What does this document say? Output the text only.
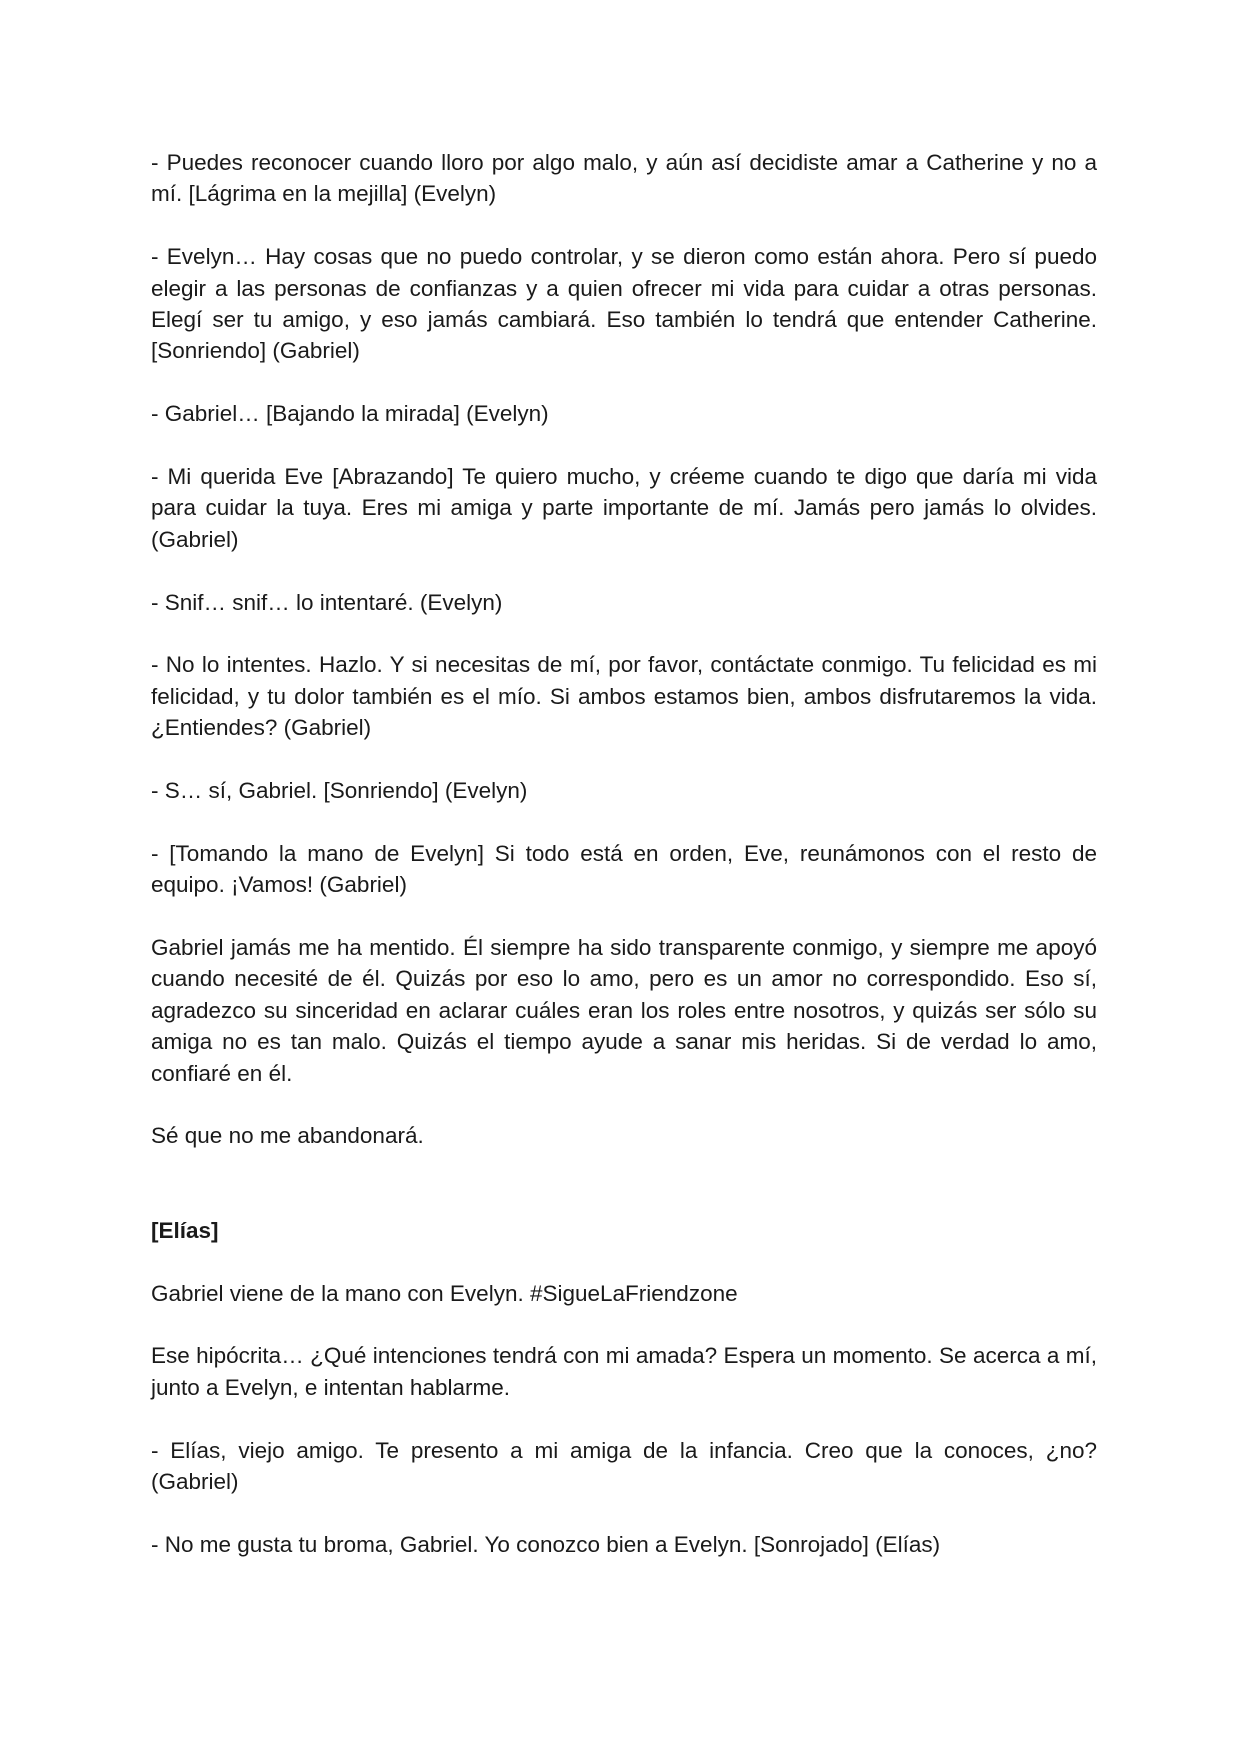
- Puedes reconocer cuando lloro por algo malo, y aún así decidiste amar a Catherine y no a mí. [Lágrima en la mejilla] (Evelyn)

- Evelyn… Hay cosas que no puedo controlar, y se dieron como están ahora. Pero sí puedo elegir a las personas de confianzas y a quien ofrecer mi vida para cuidar a otras personas. Elegí ser tu amigo, y eso jamás cambiará. Eso también lo tendrá que entender Catherine. [Sonriendo] (Gabriel)

- Gabriel… [Bajando la mirada] (Evelyn)

- Mi querida Eve [Abrazando] Te quiero mucho, y créeme cuando te digo que daría mi vida para cuidar la tuya. Eres mi amiga y parte importante de mí. Jamás pero jamás lo olvides. (Gabriel)

- Snif… snif… lo intentaré. (Evelyn)

- No lo intentes. Hazlo. Y si necesitas de mí, por favor, contáctate conmigo. Tu felicidad es mi felicidad, y tu dolor también es el mío. Si ambos estamos bien, ambos disfrutaremos la vida. ¿Entiendes? (Gabriel)

- S… sí, Gabriel. [Sonriendo] (Evelyn)

- [Tomando la mano de Evelyn] Si todo está en orden, Eve, reunámonos con el resto de equipo. ¡Vamos! (Gabriel)

Gabriel jamás me ha mentido. Él siempre ha sido transparente conmigo, y siempre me apoyó cuando necesité de él. Quizás por eso lo amo, pero es un amor no correspondido. Eso sí, agradezco su sinceridad en aclarar cuáles eran los roles entre nosotros, y quizás ser sólo su amiga no es tan malo. Quizás el tiempo ayude a sanar mis heridas. Si de verdad lo amo, confiaré en él.

Sé que no me abandonará.

[Elías]

Gabriel viene de la mano con Evelyn. #SigueLaFriendzone

Ese hipócrita… ¿Qué intenciones tendrá con mi amada? Espera un momento. Se acerca a mí, junto a Evelyn, e intentan hablarme.

- Elías, viejo amigo. Te presento a mi amiga de la infancia. Creo que la conoces, ¿no? (Gabriel)

- No me gusta tu broma, Gabriel. Yo conozco bien a Evelyn. [Sonrojado] (Elías)
